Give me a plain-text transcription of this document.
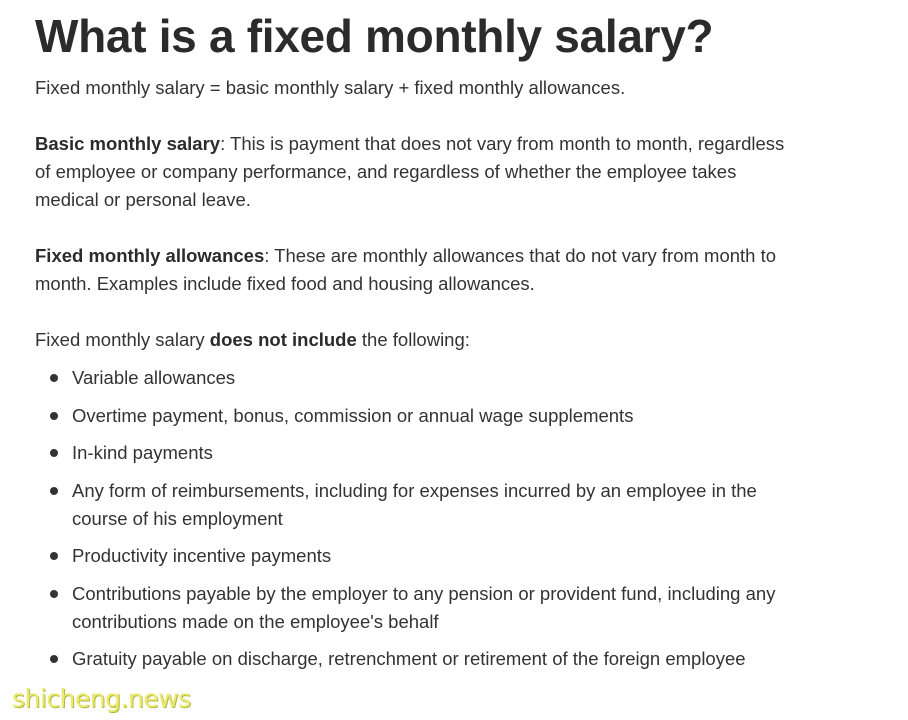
What is a fixed monthly salary?

Fixed monthly salary = basic monthly salary + fixed monthly allowances.

Basic monthly salary: This is payment that does not vary from month to month, regardless of employee or company performance, and regardless of whether the employee takes medical or personal leave.

Fixed monthly allowances: These are monthly allowances that do not vary from month to month. Examples include fixed food and housing allowances.

Fixed monthly salary does not include the following:

Variable allowances
Overtime payment, bonus, commission or annual wage supplements
In-kind payments
Any form of reimbursements, including for expenses incurred by an employee in the course of his employment
Productivity incentive payments
Contributions payable by the employer to any pension or provident fund, including any contributions made on the employee's behalf
Gratuity payable on discharge, retrenchment or retirement of the foreign employee
shicheng.news
